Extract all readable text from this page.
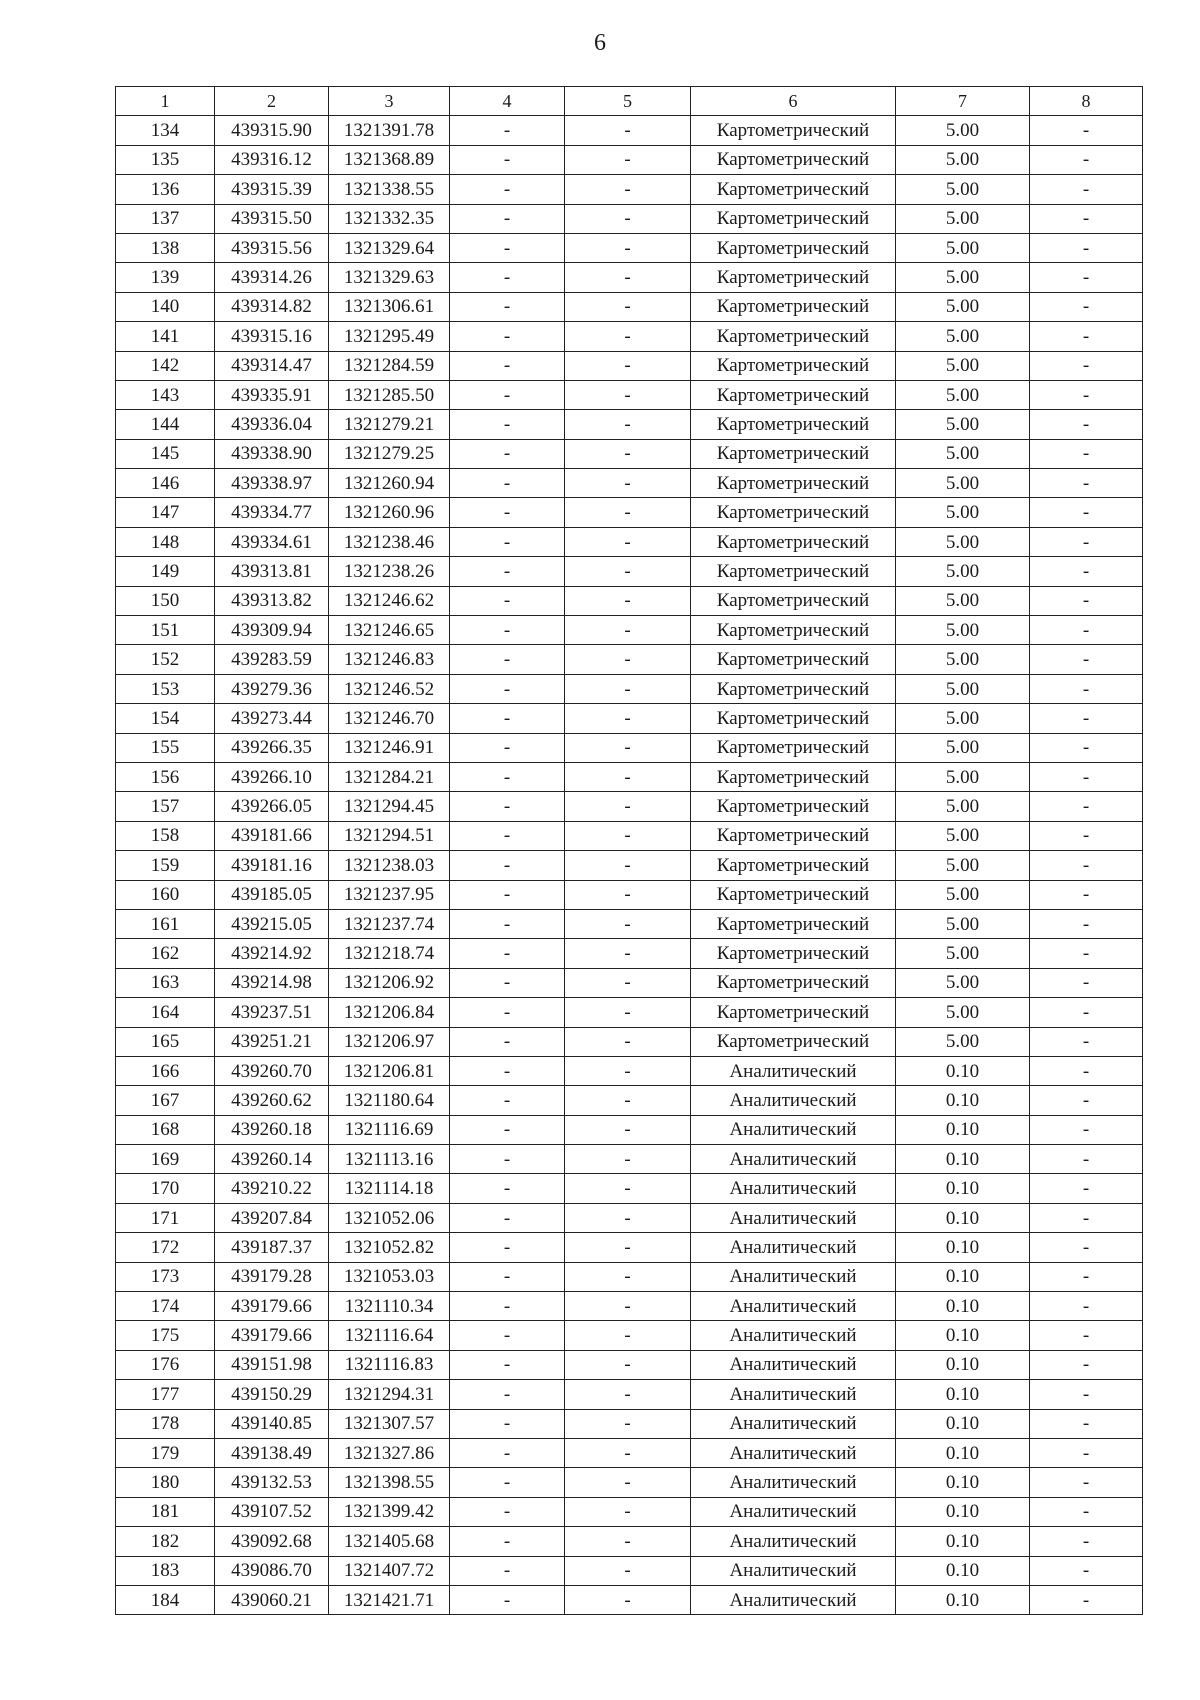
6
1	2	3	4	5	6	7	8
134	439315.90	1321391.78	-	-	Картометрический	5.00	-
135	439316.12	1321368.89	-	-	Картометрический	5.00	-
136	439315.39	1321338.55	-	-	Картометрический	5.00	-
137	439315.50	1321332.35	-	-	Картометрический	5.00	-
138	439315.56	1321329.64	-	-	Картометрический	5.00	-
139	439314.26	1321329.63	-	-	Картометрический	5.00	-
140	439314.82	1321306.61	-	-	Картометрический	5.00	-
141	439315.16	1321295.49	-	-	Картометрический	5.00	-
142	439314.47	1321284.59	-	-	Картометрический	5.00	-
143	439335.91	1321285.50	-	-	Картометрический	5.00	-
144	439336.04	1321279.21	-	-	Картометрический	5.00	-
145	439338.90	1321279.25	-	-	Картометрический	5.00	-
146	439338.97	1321260.94	-	-	Картометрический	5.00	-
147	439334.77	1321260.96	-	-	Картометрический	5.00	-
148	439334.61	1321238.46	-	-	Картометрический	5.00	-
149	439313.81	1321238.26	-	-	Картометрический	5.00	-
150	439313.82	1321246.62	-	-	Картометрический	5.00	-
151	439309.94	1321246.65	-	-	Картометрический	5.00	-
152	439283.59	1321246.83	-	-	Картометрический	5.00	-
153	439279.36	1321246.52	-	-	Картометрический	5.00	-
154	439273.44	1321246.70	-	-	Картометрический	5.00	-
155	439266.35	1321246.91	-	-	Картометрический	5.00	-
156	439266.10	1321284.21	-	-	Картометрический	5.00	-
157	439266.05	1321294.45	-	-	Картометрический	5.00	-
158	439181.66	1321294.51	-	-	Картометрический	5.00	-
159	439181.16	1321238.03	-	-	Картометрический	5.00	-
160	439185.05	1321237.95	-	-	Картометрический	5.00	-
161	439215.05	1321237.74	-	-	Картометрический	5.00	-
162	439214.92	1321218.74	-	-	Картометрический	5.00	-
163	439214.98	1321206.92	-	-	Картометрический	5.00	-
164	439237.51	1321206.84	-	-	Картометрический	5.00	-
165	439251.21	1321206.97	-	-	Картометрический	5.00	-
166	439260.70	1321206.81	-	-	Аналитический	0.10	-
167	439260.62	1321180.64	-	-	Аналитический	0.10	-
168	439260.18	1321116.69	-	-	Аналитический	0.10	-
169	439260.14	1321113.16	-	-	Аналитический	0.10	-
170	439210.22	1321114.18	-	-	Аналитический	0.10	-
171	439207.84	1321052.06	-	-	Аналитический	0.10	-
172	439187.37	1321052.82	-	-	Аналитический	0.10	-
173	439179.28	1321053.03	-	-	Аналитический	0.10	-
174	439179.66	1321110.34	-	-	Аналитический	0.10	-
175	439179.66	1321116.64	-	-	Аналитический	0.10	-
176	439151.98	1321116.83	-	-	Аналитический	0.10	-
177	439150.29	1321294.31	-	-	Аналитический	0.10	-
178	439140.85	1321307.57	-	-	Аналитический	0.10	-
179	439138.49	1321327.86	-	-	Аналитический	0.10	-
180	439132.53	1321398.55	-	-	Аналитический	0.10	-
181	439107.52	1321399.42	-	-	Аналитический	0.10	-
182	439092.68	1321405.68	-	-	Аналитический	0.10	-
183	439086.70	1321407.72	-	-	Аналитический	0.10	-
184	439060.21	1321421.71	-	-	Аналитический	0.10	-
